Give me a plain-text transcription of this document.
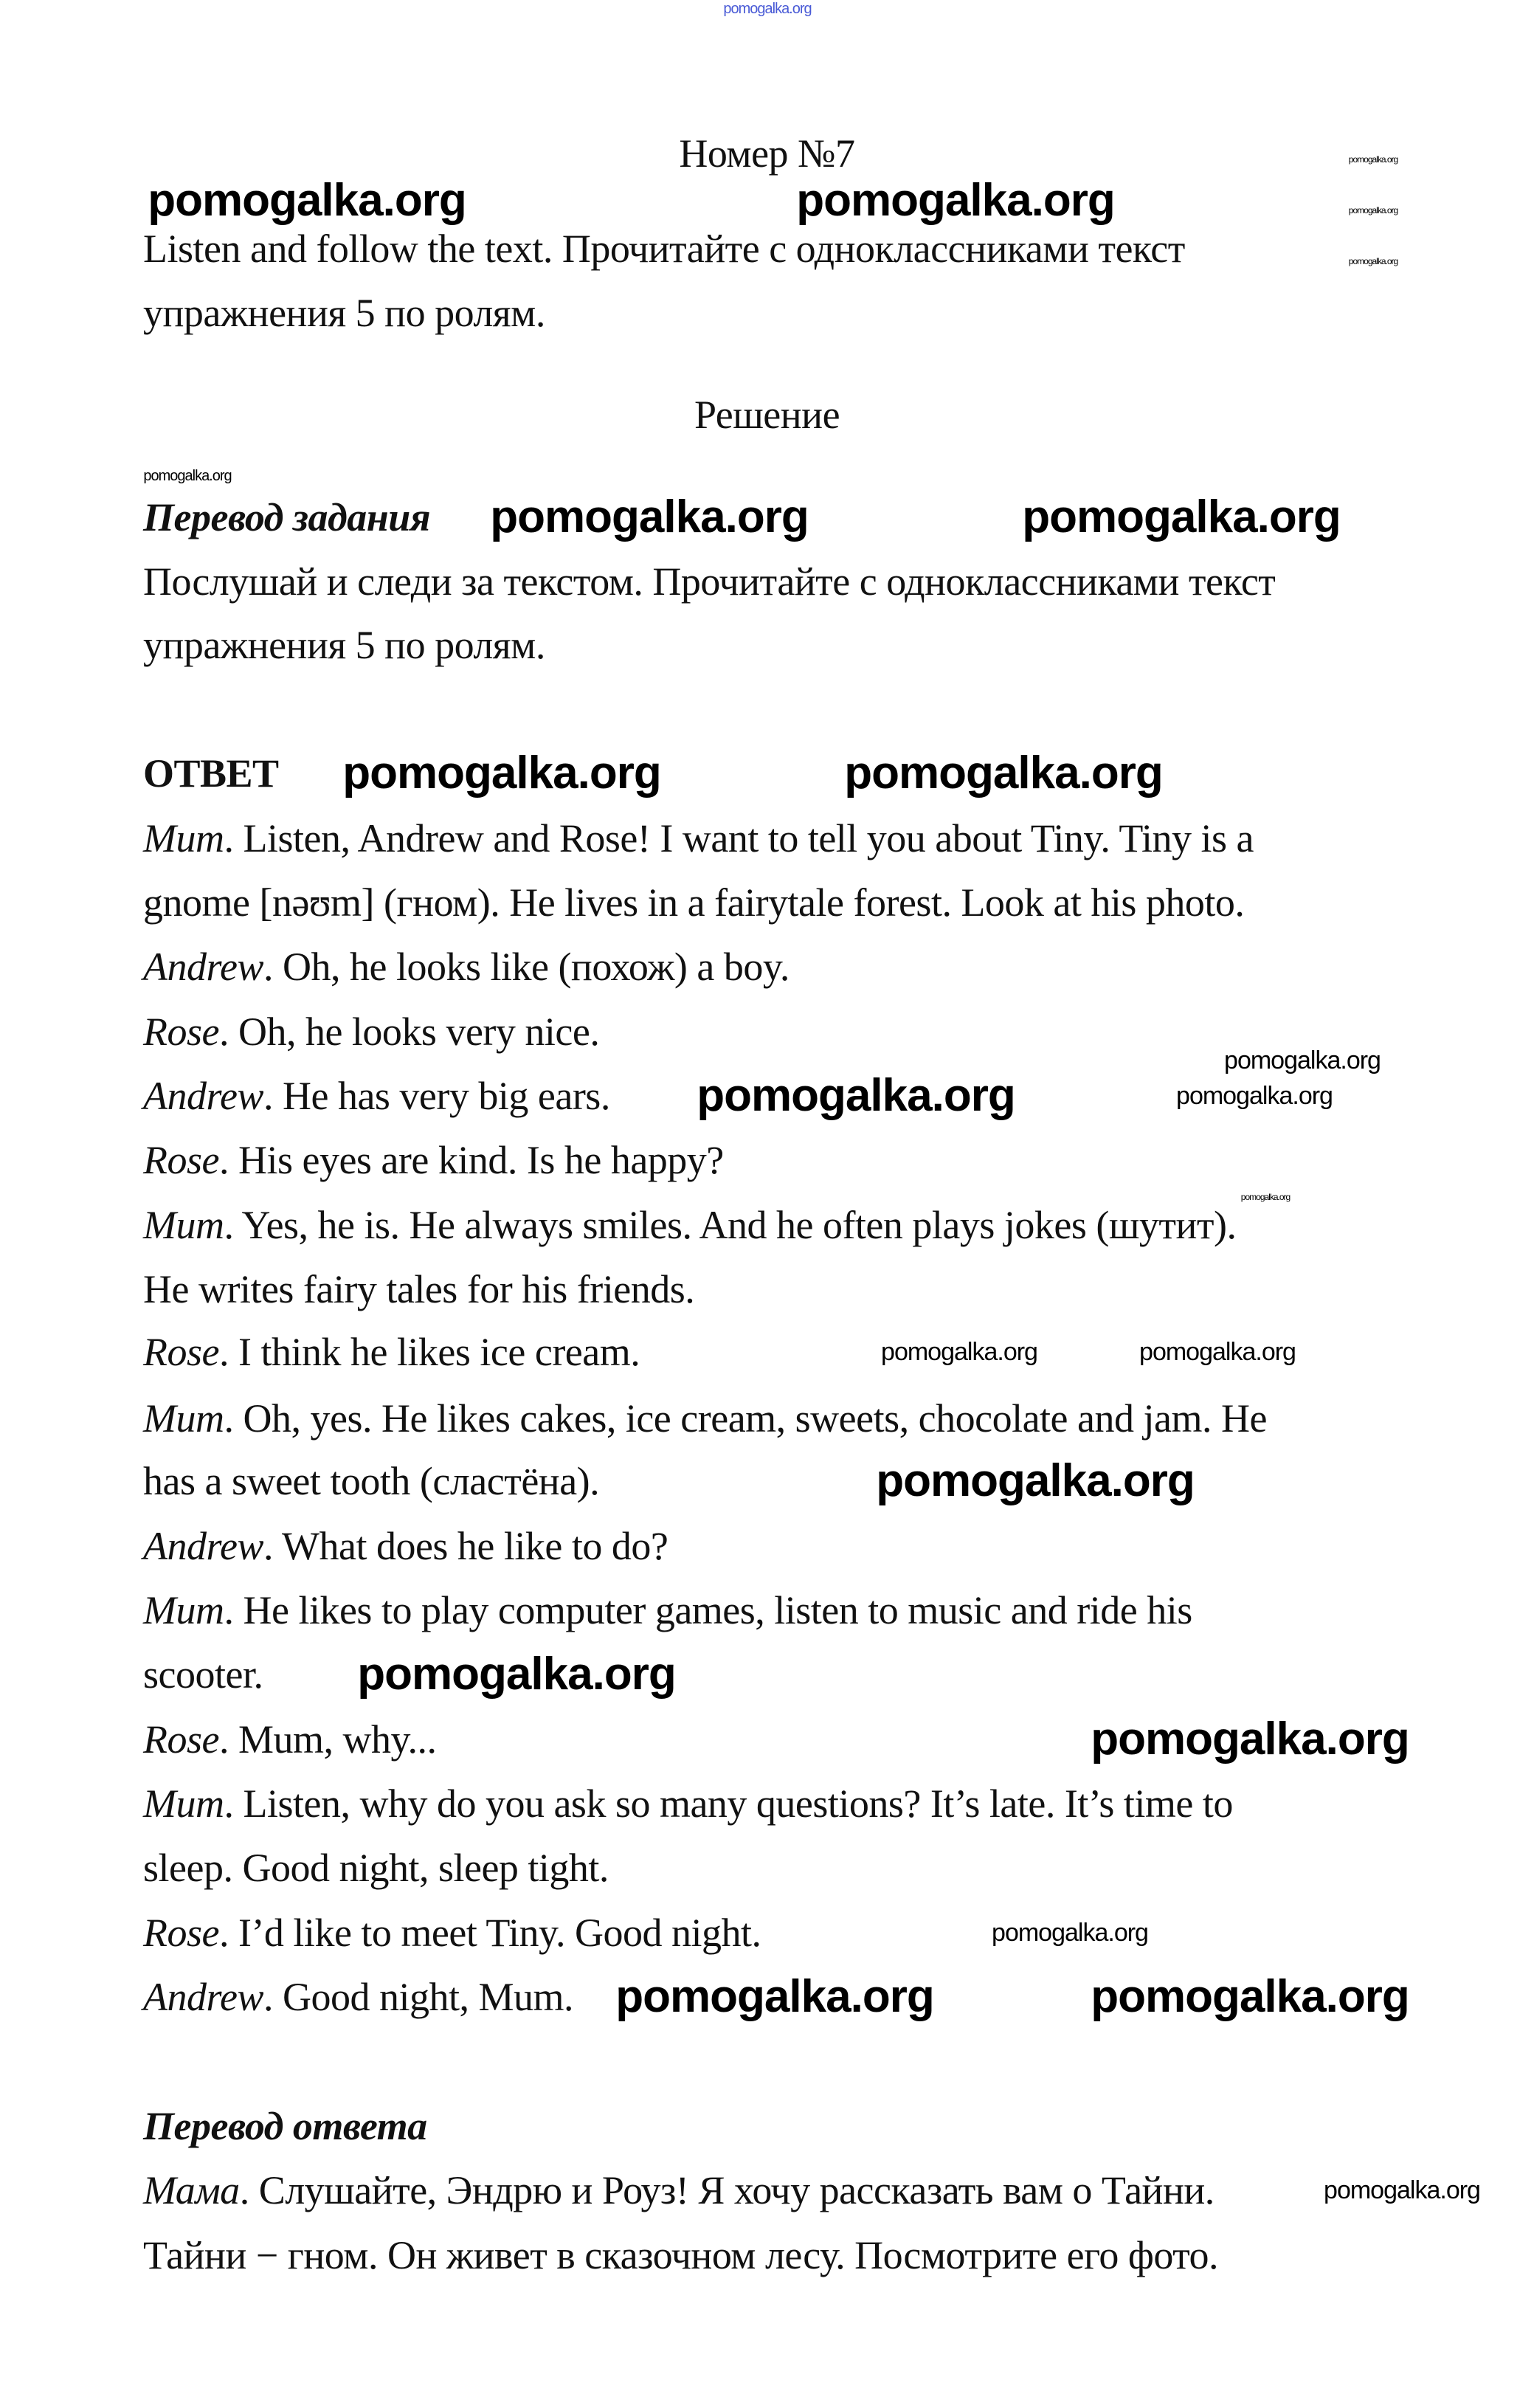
pomogalka.org
Номер №7
Listen and follow the text. Прочитайте с одноклассниками текст
упражнения 5 по ролям.
Решение
Перевод задания
Послушай и следи за текстом. Прочитайте с одноклассниками текст
упражнения 5 по ролям.
ОТВЕТ
Mum. Listen, Andrew and Rose! I want to tell you about Tiny. Tiny is a
gnome [nəʊm] (гном). He lives in a fairytale forest. Look at his photo.
Andrew. Oh, he looks like (похож) a boy.
Rose. Oh, he looks very nice.
Andrew. He has very big ears.
Rose. His eyes are kind. Is he happy?
Mum. Yes, he is. He always smiles. And he often plays jokes (шутит).
He writes fairy tales for his friends.
Rose. I think he likes ice cream.
Mum. Oh, yes. He likes cakes, ice cream, sweets, chocolate and jam. He
has a sweet tooth (сластёна).
Andrew. What does he like to do?
Mum. He likes to play computer games, listen to music and ride his
scooter.
Rose. Mum, why...
Mum. Listen, why do you ask so many questions? It’s late. It’s time to
sleep. Good night, sleep tight.
Rose. I’d like to meet Tiny. Good night.
Andrew. Good night, Mum.
Перевод ответа
Мама. Слушайте, Эндрю и Роуз! Я хочу рассказать вам о Тайни.
Тайни − гном. Он живет в сказочном лесу. Посмотрите его фото.
pomogalka.org	pomogalka.org
pomogalka.org	pomogalka.org
pomogalka.org	pomogalka.org
pomogalka.org
pomogalka.org
pomogalka.org
pomogalka.org
pomogalka.org	pomogalka.org
pomogalka.org
pomogalka.org
pomogalka.org	pomogalka.org
pomogalka.org
pomogalka.org
pomogalka.org
pomogalka.org
pomogalka.org
pomogalka.org
pomogalka.org
